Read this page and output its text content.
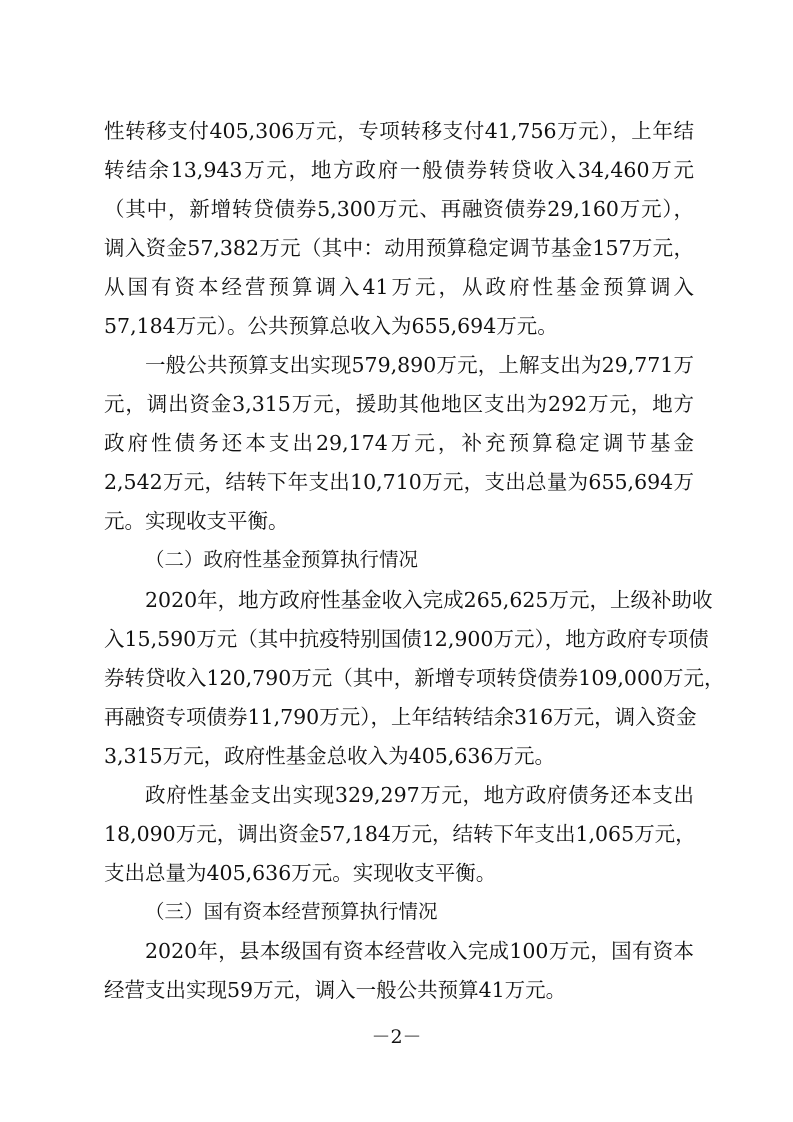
性转移支付405,306万元，专项转移支付41,756万元），上年结
转结余13,943万元，地方政府一般债券转贷收入34,460万元
（其中，新增转贷债券5,300万元、再融资债券29,160万元），
调入资金57,382万元（其中：动用预算稳定调节基金157万元，
从国有资本经营预算调入41万元，从政府性基金预算调入
57,184万元）。公共预算总收入为655,694万元。
一般公共预算支出实现579,890万元，上解支出为29,771万
元，调出资金3,315万元，援助其他地区支出为292万元，地方
政府性债务还本支出29,174万元，补充预算稳定调节基金
2,542万元，结转下年支出10,710万元，支出总量为655,694万
元。实现收支平衡。
（二）政府性基金预算执行情况
2020年，地方政府性基金收入完成265,625万元，上级补助收
入15,590万元（其中抗疫特别国债12,900万元），地方政府专项债
券转贷收入120,790万元（其中，新增专项转贷债券109,000万元，
再融资专项债券11,790万元），上年结转结余316万元，调入资金
3,315万元，政府性基金总收入为405,636万元。
政府性基金支出实现329,297万元，地方政府债务还本支出
18,090万元，调出资金57,184万元，结转下年支出1,065万元，
支出总量为405,636万元。实现收支平衡。
（三）国有资本经营预算执行情况
2020年，县本级国有资本经营收入完成100万元，国有资本
经营支出实现59万元，调入一般公共预算41万元。
－2－
